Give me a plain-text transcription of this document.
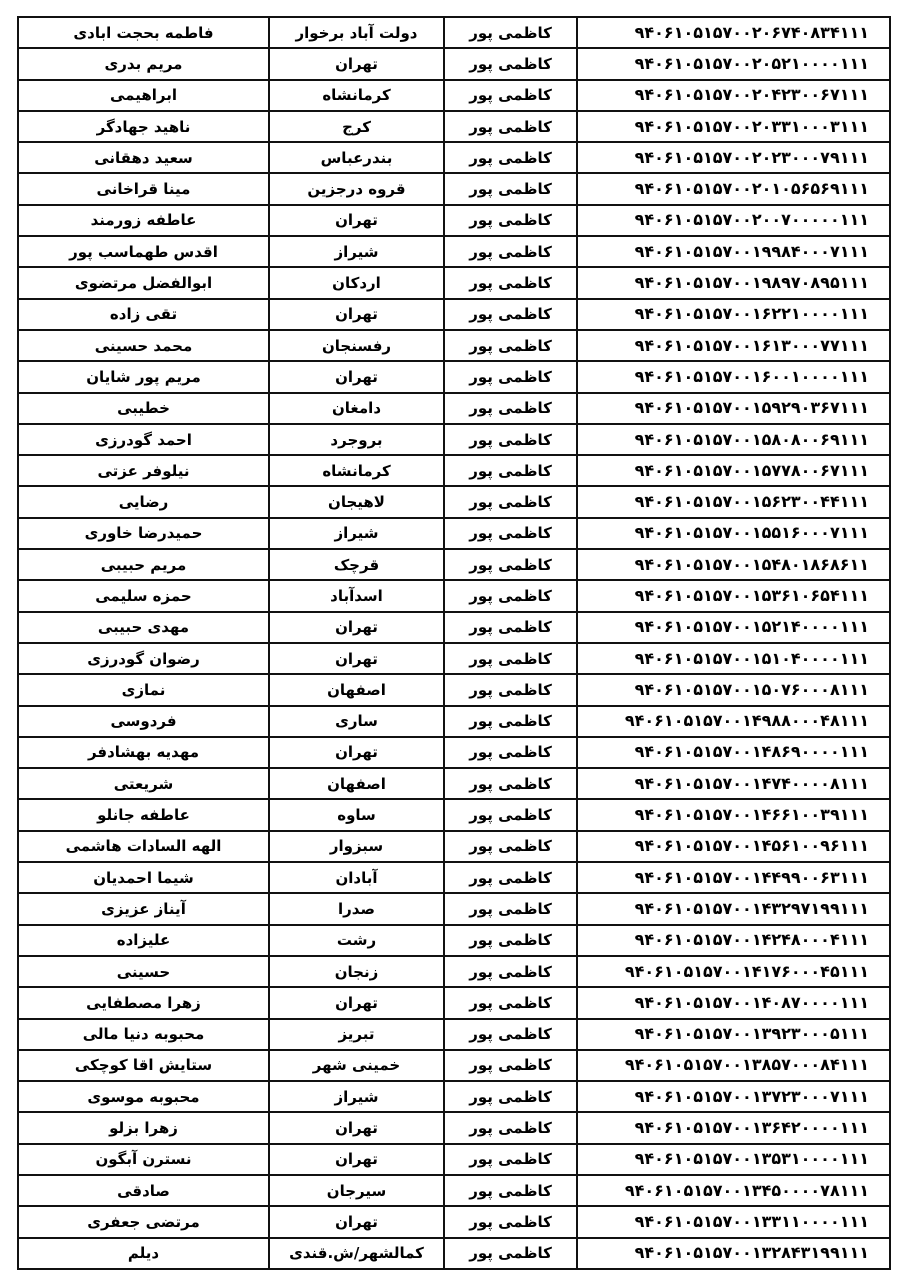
۹۴۰۶۱۰۵۱۵۷۰۰۲۰۶۷۴۰۸۳۴۱۱۱	کاظمی پور	دولت آباد برخوار	فاطمه بحجت ابادی
۹۴۰۶۱۰۵۱۵۷۰۰۲۰۵۲۱۰۰۰۰۱۱۱	کاظمی پور	تهران	مریم بدری
۹۴۰۶۱۰۵۱۵۷۰۰۲۰۴۲۳۰۰۶۷۱۱۱	کاظمی پور	کرمانشاه	ابراهیمی
۹۴۰۶۱۰۵۱۵۷۰۰۲۰۳۳۱۰۰۰۳۱۱۱	کاظمی پور	کرج	ناهید جهادگر
۹۴۰۶۱۰۵۱۵۷۰۰۲۰۲۳۰۰۰۷۹۱۱۱	کاظمی پور	بندرعباس	سعید دهقانی
۹۴۰۶۱۰۵۱۵۷۰۰۲۰۱۰۵۶۵۶۹۱۱۱	کاظمی پور	قروه درجزین	مینا قراخانی
۹۴۰۶۱۰۵۱۵۷۰۰۲۰۰۷۰۰۰۰۰۱۱۱	کاظمی پور	تهران	عاطفه زورمند
۹۴۰۶۱۰۵۱۵۷۰۰۱۹۹۸۴۰۰۰۷۱۱۱	کاظمی پور	شیراز	اقدس طهماسب پور
۹۴۰۶۱۰۵۱۵۷۰۰۱۹۸۹۷۰۸۹۵۱۱۱	کاظمی پور	اردکان	ابوالفضل مرتضوی
۹۴۰۶۱۰۵۱۵۷۰۰۱۶۲۲۱۰۰۰۰۱۱۱	کاظمی پور	تهران	تقی زاده
۹۴۰۶۱۰۵۱۵۷۰۰۱۶۱۳۰۰۰۷۷۱۱۱	کاظمی پور	رفسنجان	محمد حسینی
۹۴۰۶۱۰۵۱۵۷۰۰۱۶۰۰۱۰۰۰۰۱۱۱	کاظمی پور	تهران	مریم پور شایان
۹۴۰۶۱۰۵۱۵۷۰۰۱۵۹۲۹۰۳۶۷۱۱۱	کاظمی پور	دامغان	خطیبی
۹۴۰۶۱۰۵۱۵۷۰۰۱۵۸۰۸۰۰۶۹۱۱۱	کاظمی پور	بروجرد	احمد گودرزی
۹۴۰۶۱۰۵۱۵۷۰۰۱۵۷۷۸۰۰۶۷۱۱۱	کاظمی پور	کرمانشاه	نیلوفر عزتی
۹۴۰۶۱۰۵۱۵۷۰۰۱۵۶۲۳۰۰۴۴۱۱۱	کاظمی پور	لاهیجان	رضایی
۹۴۰۶۱۰۵۱۵۷۰۰۱۵۵۱۶۰۰۰۷۱۱۱	کاظمی پور	شیراز	حمیدرضا خاوری
۹۴۰۶۱۰۵۱۵۷۰۰۱۵۴۸۰۱۸۶۸۶۱۱	کاظمی پور	قرچک	مریم حبیبی
۹۴۰۶۱۰۵۱۵۷۰۰۱۵۳۶۱۰۶۵۴۱۱۱	کاظمی پور	اسدآباد	حمزه سلیمی
۹۴۰۶۱۰۵۱۵۷۰۰۱۵۲۱۴۰۰۰۰۱۱۱	کاظمی پور	تهران	مهدی حبیبی
۹۴۰۶۱۰۵۱۵۷۰۰۱۵۱۰۴۰۰۰۰۱۱۱	کاظمی پور	تهران	رضوان گودرزی
۹۴۰۶۱۰۵۱۵۷۰۰۱۵۰۷۶۰۰۰۸۱۱۱	کاظمی پور	اصفهان	نمازی
۹۴۰۶۱۰۵۱۵۷۰۰۱۴۹۸۸۰۰۰۴۸۱۱۱	کاظمی پور	ساری	فردوسی
۹۴۰۶۱۰۵۱۵۷۰۰۱۴۸۶۹۰۰۰۰۱۱۱	کاظمی پور	تهران	مهدیه بهشادفر
۹۴۰۶۱۰۵۱۵۷۰۰۱۴۷۴۰۰۰۰۸۱۱۱	کاظمی پور	اصفهان	شریعتی
۹۴۰۶۱۰۵۱۵۷۰۰۱۴۶۶۱۰۰۳۹۱۱۱	کاظمی پور	ساوه	عاطفه جانلو
۹۴۰۶۱۰۵۱۵۷۰۰۱۴۵۶۱۰۰۹۶۱۱۱	کاظمی پور	سبزوار	الهه السادات هاشمی
۹۴۰۶۱۰۵۱۵۷۰۰۱۴۴۹۹۰۰۶۳۱۱۱	کاظمی پور	آبادان	شیما احمدیان
۹۴۰۶۱۰۵۱۵۷۰۰۱۴۳۲۹۷۱۹۹۱۱۱	کاظمی پور	صدرا	آیناز عزیزی
۹۴۰۶۱۰۵۱۵۷۰۰۱۴۲۴۸۰۰۰۴۱۱۱	کاظمی پور	رشت	علیزاده
۹۴۰۶۱۰۵۱۵۷۰۰۱۴۱۷۶۰۰۰۴۵۱۱۱	کاظمی پور	زنجان	حسینی
۹۴۰۶۱۰۵۱۵۷۰۰۱۴۰۸۷۰۰۰۰۱۱۱	کاظمی پور	تهران	زهرا مصطفایی
۹۴۰۶۱۰۵۱۵۷۰۰۱۳۹۲۳۰۰۰۵۱۱۱	کاظمی پور	تبریز	محبوبه دنیا مالی
۹۴۰۶۱۰۵۱۵۷۰۰۱۳۸۵۷۰۰۰۸۴۱۱۱	کاظمی پور	خمینی شهر	ستایش اقا کوچکی
۹۴۰۶۱۰۵۱۵۷۰۰۱۳۷۲۳۰۰۰۷۱۱۱	کاظمی پور	شیراز	محبوبه موسوی
۹۴۰۶۱۰۵۱۵۷۰۰۱۳۶۴۲۰۰۰۰۱۱۱	کاظمی پور	تهران	زهرا بزلو
۹۴۰۶۱۰۵۱۵۷۰۰۱۳۵۳۱۰۰۰۰۱۱۱	کاظمی پور	تهران	نسترن آبگون
۹۴۰۶۱۰۵۱۵۷۰۰۱۳۴۵۰۰۰۰۷۸۱۱۱	کاظمی پور	سیرجان	صادقی
۹۴۰۶۱۰۵۱۵۷۰۰۱۳۳۱۱۰۰۰۰۱۱۱	کاظمی پور	تهران	مرتضی جعفری
۹۴۰۶۱۰۵۱۵۷۰۰۱۳۲۸۴۳۱۹۹۱۱۱	کاظمی پور	کمالشهر/ش.قندی	دیلم
